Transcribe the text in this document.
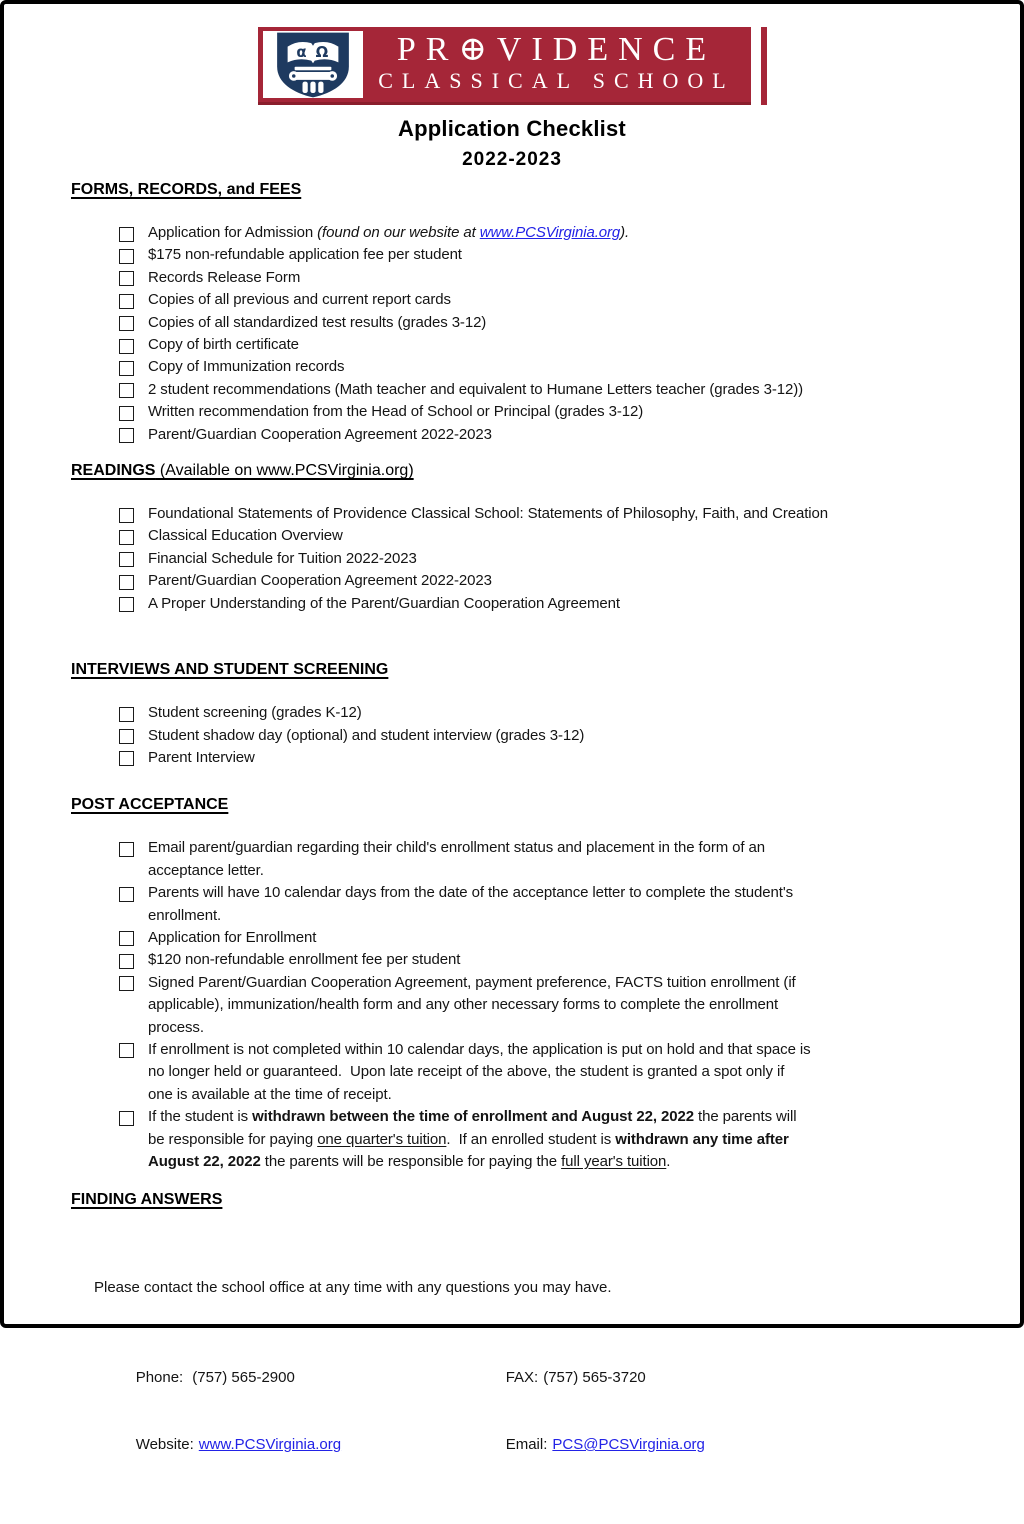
α Ω	PR⊕VIDENCE
CLASSICAL SCHOOL
Application Checklist
2022-2023
FORMS, RECORDS, and FEES
Application for Admission (found on our website at www.PCSVirginia.org).
$175 non-refundable application fee per student
Records Release Form
Copies of all previous and current report cards
Copies of all standardized test results (grades 3-12)
Copy of birth certificate
Copy of Immunization records
2 student recommendations (Math teacher and equivalent to Humane Letters teacher (grades 3-12))
Written recommendation from the Head of School or Principal (grades 3-12)
Parent/Guardian Cooperation Agreement 2022-2023
READINGS (Available on www.PCSVirginia.org)
Foundational Statements of Providence Classical School: Statements of Philosophy, Faith, and Creation
Classical Education Overview
Financial Schedule for Tuition 2022-2023
Parent/Guardian Cooperation Agreement 2022-2023
A Proper Understanding of the Parent/Guardian Cooperation Agreement
INTERVIEWS AND STUDENT SCREENING
Student screening (grades K-12)
Student shadow day (optional) and student interview (grades 3-12)
Parent Interview
POST ACCEPTANCE
Email parent/guardian regarding their child's enrollment status and placement in the form of an
acceptance letter.
Parents will have 10 calendar days from the date of the acceptance letter to complete the student's
enrollment.
Application for Enrollment
$120 non-refundable enrollment fee per student
Signed Parent/Guardian Cooperation Agreement, payment preference, FACTS tuition enrollment (if
applicable), immunization/health form and any other necessary forms to complete the enrollment
process.
If enrollment is not completed within 10 calendar days, the application is put on hold and that space is
no longer held or guaranteed.  Upon late receipt of the above, the student is granted a spot only if
one is available at the time of receipt.
If the student is withdrawn between the time of enrollment and August 22, 2022 the parents will
be responsible for paying one quarter's tuition.  If an enrolled student is withdrawn any time after
August 22, 2022 the parents will be responsible for paying the full year's tuition.
FINDING ANSWERS

Please contact the school office at any time with any questions you may have.

Phone: (757) 565-2900
	FAX: (757) 565-3720

Website: www.PCSVirginia.org
	Email: PCS@PCSVirginia.org
